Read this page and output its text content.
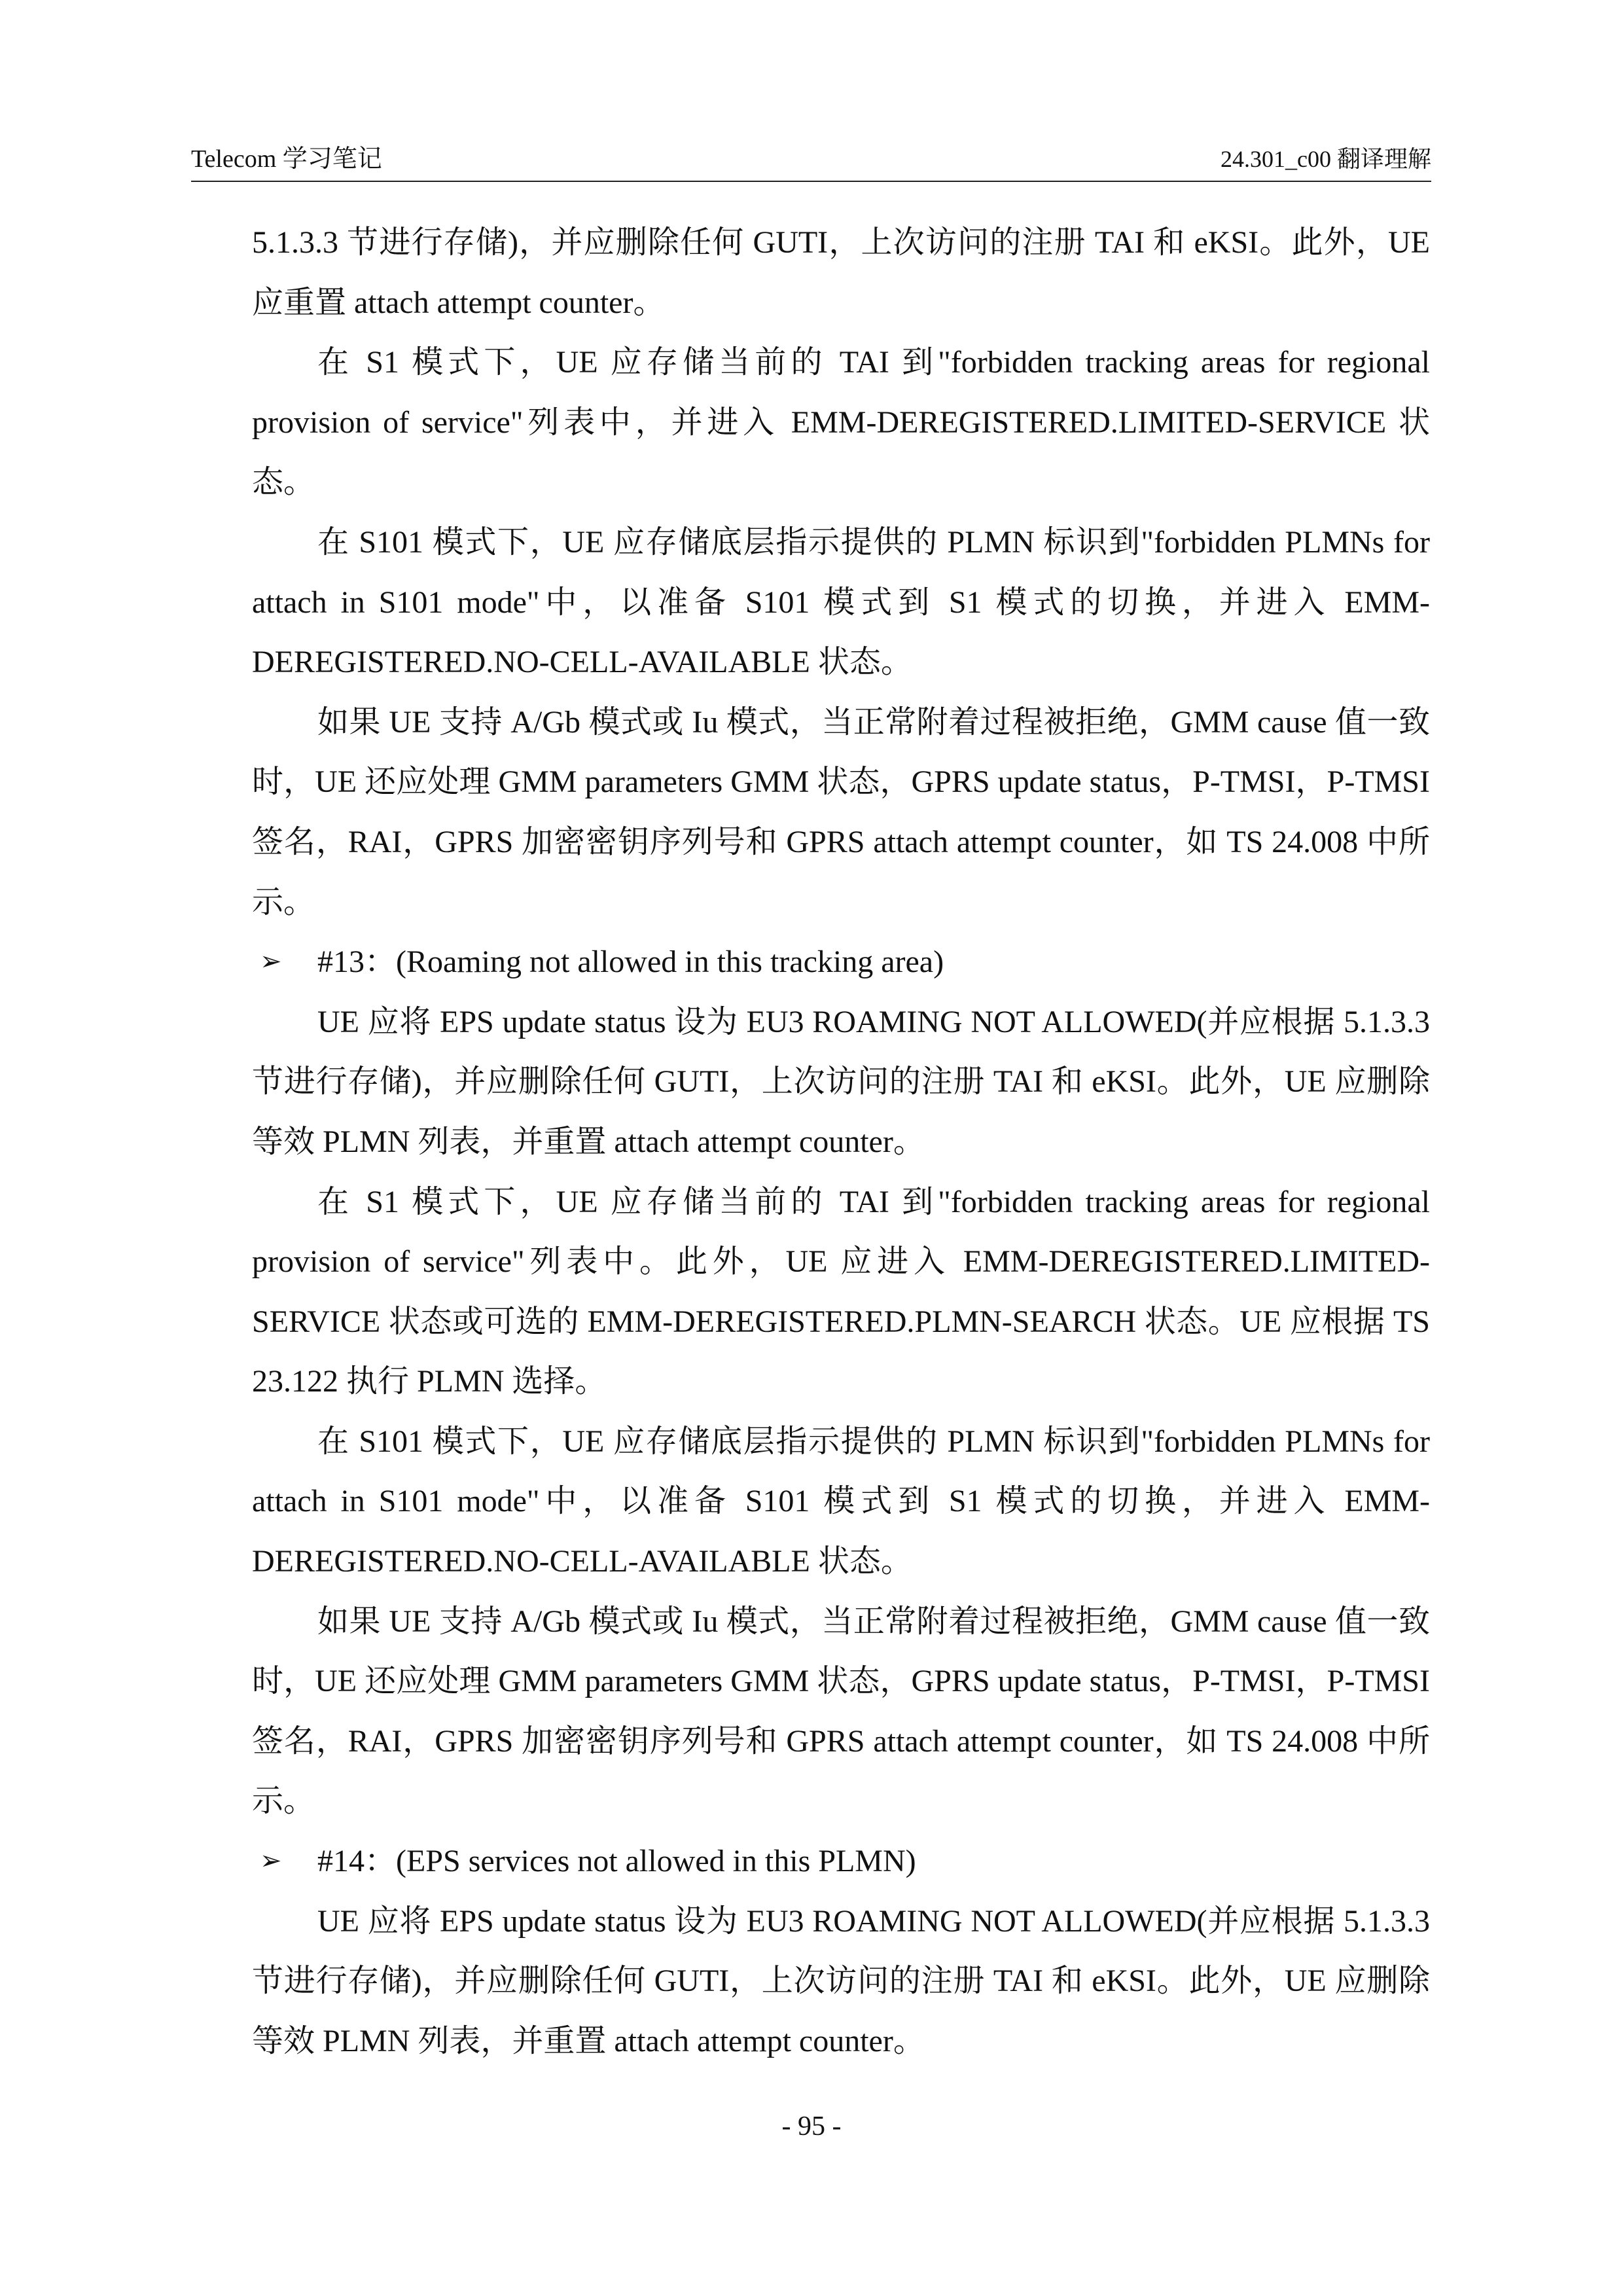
Telecom 学习笔记	24.301_c00 翻译理解

5.1.3.3 节进行存储)，并应删除任何 GUTI，上次访问的注册 TAI 和 eKSI。此外，UE 应重置 attach attempt counter。

在 S1 模式下，UE 应存储当前的 TAI 到"forbidden tracking areas for regional provision of service"列表中，并进入 EMM-DEREGISTERED.LIMITED-SERVICE 状态。

在 S101 模式下，UE 应存储底层指示提供的 PLMN 标识到"forbidden PLMNs for attach in S101 mode"中，以准备 S101 模式到 S1 模式的切换，并进入 EMM-DEREGISTERED.NO-CELL-AVAILABLE 状态。

如果 UE 支持 A/Gb 模式或 Iu 模式，当正常附着过程被拒绝，GMM cause 值一致时，UE 还应处理 GMM parameters GMM 状态，GPRS update status，P-TMSI，P-TMSI 签名，RAI，GPRS 加密密钥序列号和 GPRS attach attempt counter，如 TS 24.008 中所示。

➢ #13：(Roaming not allowed in this tracking area)

UE 应将 EPS update status 设为 EU3 ROAMING NOT ALLOWED(并应根据 5.1.3.3 节进行存储)，并应删除任何 GUTI，上次访问的注册 TAI 和 eKSI。此外，UE 应删除等效 PLMN 列表，并重置 attach attempt counter。

在 S1 模式下，UE 应存储当前的 TAI 到"forbidden tracking areas for regional provision of service"列表中。此外，UE 应进入 EMM-DEREGISTERED.LIMITED-SERVICE 状态或可选的 EMM-DEREGISTERED.PLMN-SEARCH 状态。UE 应根据 TS 23.122 执行 PLMN 选择。

在 S101 模式下，UE 应存储底层指示提供的 PLMN 标识到"forbidden PLMNs for attach in S101 mode"中，以准备 S101 模式到 S1 模式的切换，并进入 EMM-DEREGISTERED.NO-CELL-AVAILABLE 状态。

如果 UE 支持 A/Gb 模式或 Iu 模式，当正常附着过程被拒绝，GMM cause 值一致时，UE 还应处理 GMM parameters GMM 状态，GPRS update status，P-TMSI，P-TMSI 签名，RAI，GPRS 加密密钥序列号和 GPRS attach attempt counter，如 TS 24.008 中所示。

➢ #14：(EPS services not allowed in this PLMN)

UE 应将 EPS update status 设为 EU3 ROAMING NOT ALLOWED(并应根据 5.1.3.3 节进行存储)，并应删除任何 GUTI，上次访问的注册 TAI 和 eKSI。此外，UE 应删除等效 PLMN 列表，并重置 attach attempt counter。

- 95 -
